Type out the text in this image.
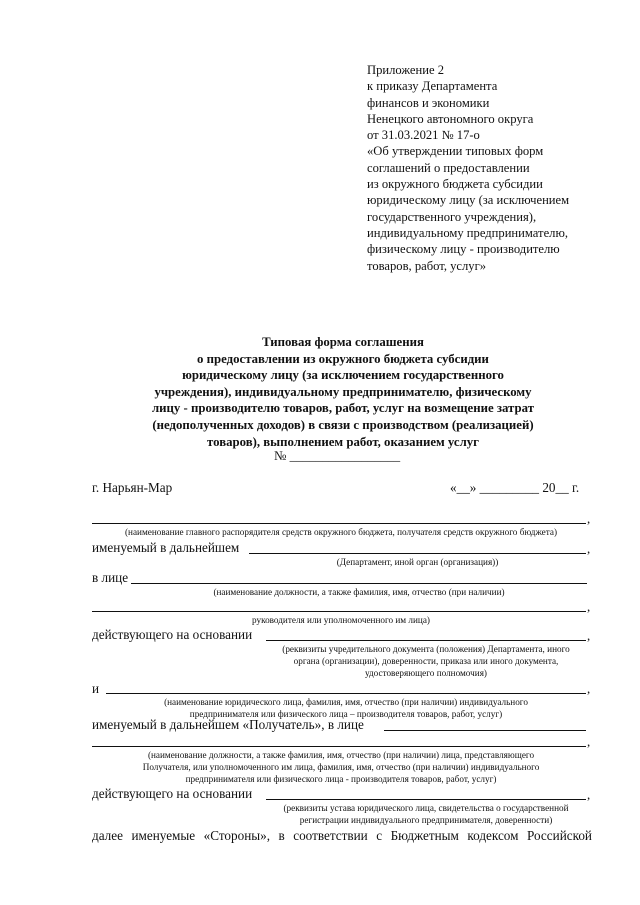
Приложение 2
к приказу Департамента
финансов и экономики
Ненецкого автономного округа
от 31.03.2021 № 17-о
«Об утверждении типовых форм
соглашений о предоставлении
из окружного бюджета субсидии
юридическому лицу (за исключением
государственного учреждения),
индивидуальному предпринимателю,
физическому лицу - производителю
товаров, работ, услуг»
Типовая форма соглашения
о предоставлении из окружного бюджета субсидии
юридическому лицу (за исключением государственного
учреждения), индивидуальному предпринимателю, физическому
лицу - производителю товаров, работ, услуг на возмещение затрат
(недополученных доходов) в связи с производством (реализацией)
товаров), выполнением работ, оказанием услуг
№ _________________
г. Нарьян-Мар	«__» _________ 20__ г.
,
(наименование главного распорядителя средств окружного бюджета, получателя средств окружного бюджета)
именуемый в дальнейшем	,
(Департамент, иной орган (организация))
в лице
(наименование должности, а также фамилия, имя, отчество (при наличии)
,
руководителя или уполномоченного им лица)
действующего на основании	,
(реквизиты учредительного документа (положения) Департамента, иного
органа (организации), доверенности, приказа или иного документа,
удостоверяющего полномочия)
и	,
(наименование юридического лица, фамилия, имя, отчество (при наличии) индивидуального
предпринимателя или физического лица – производителя товаров, работ, услуг)
именуемый в дальнейшем «Получатель», в лице
,
(наименование должности, а также фамилия, имя, отчество (при наличии) лица, представляющего
Получателя, или уполномоченного им лица, фамилия, имя, отчество (при наличии) индивидуального
предпринимателя или физического лица - производителя товаров, работ, услуг)
действующего на основании	,
(реквизиты устава юридического лица, свидетельства о государственной
регистрации индивидуального предпринимателя, доверенности)
далее именуемые «Стороны», в соответствии с Бюджетным кодексом Российской
